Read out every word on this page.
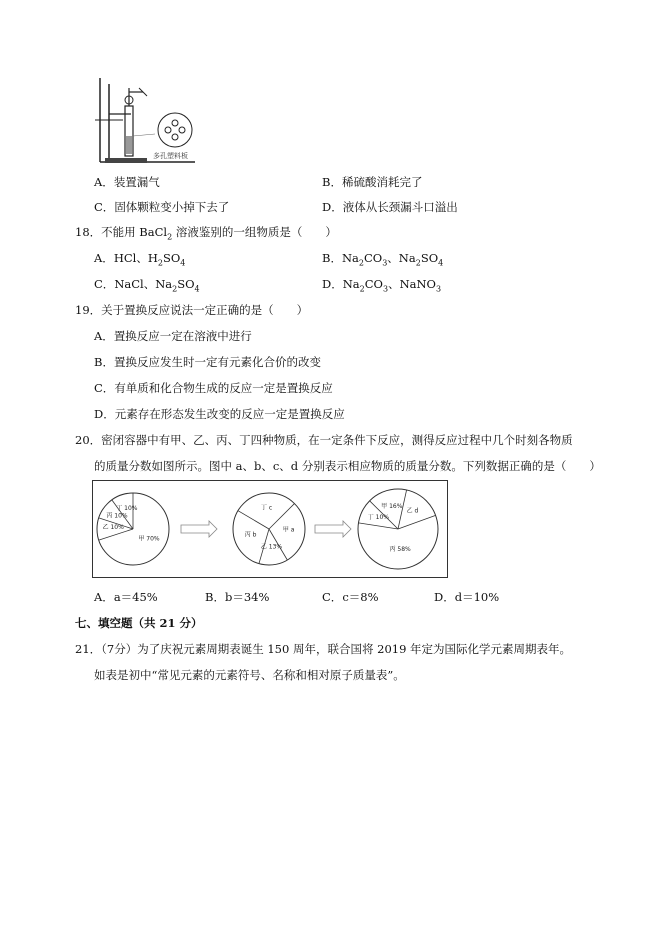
多孔塑料板
A．装置漏气	B．稀硫酸消耗完了
C．固体颗粒变小掉下去了	D．液体从长颈漏斗口溢出
18．不能用 BaCl$_2$ 溶液鉴别的一组物质是（　　）
A．HCl、$H_2SO_4$	B．$Na_2CO_3$、$Na_2SO_4$
C．NaCl、$Na_2SO_4$	D．$Na_2CO_3$、NaNO$_3$
19．关于置换反应说法一定正确的是（　　）
A．置换反应一定在溶液中进行
B．置换反应发生时一定有元素化合价的改变
C．有单质和化合物生成的反应一定是置换反应
D．元素存在形态发生改变的反应一定是置换反应
20．密闭容器中有甲、乙、丙、丁四种物质，在一定条件下反应，测得反应过程中几个时刻各物质
的质量分数如图所示。图中 a、b、c、d 分别表示相应物质的质量分数。下列数据正确的是（　　）
甲 70%
乙 10%
丙 10%
丁 10%
甲 a
乙 13%
丙 b
丁 c
丙 58%
丁 10%
甲 16%
乙 d
A．a＝45%	B．b＝34%	C．c＝8%	D．d＝10%
七、填空题（共 21 分）
21．（7分）为了庆祝元素周期表诞生 150 周年，联合国将 2019 年定为国际化学元素周期表年。
如表是初中“常见元素的元素符号、名称和相对原子质量表”。
